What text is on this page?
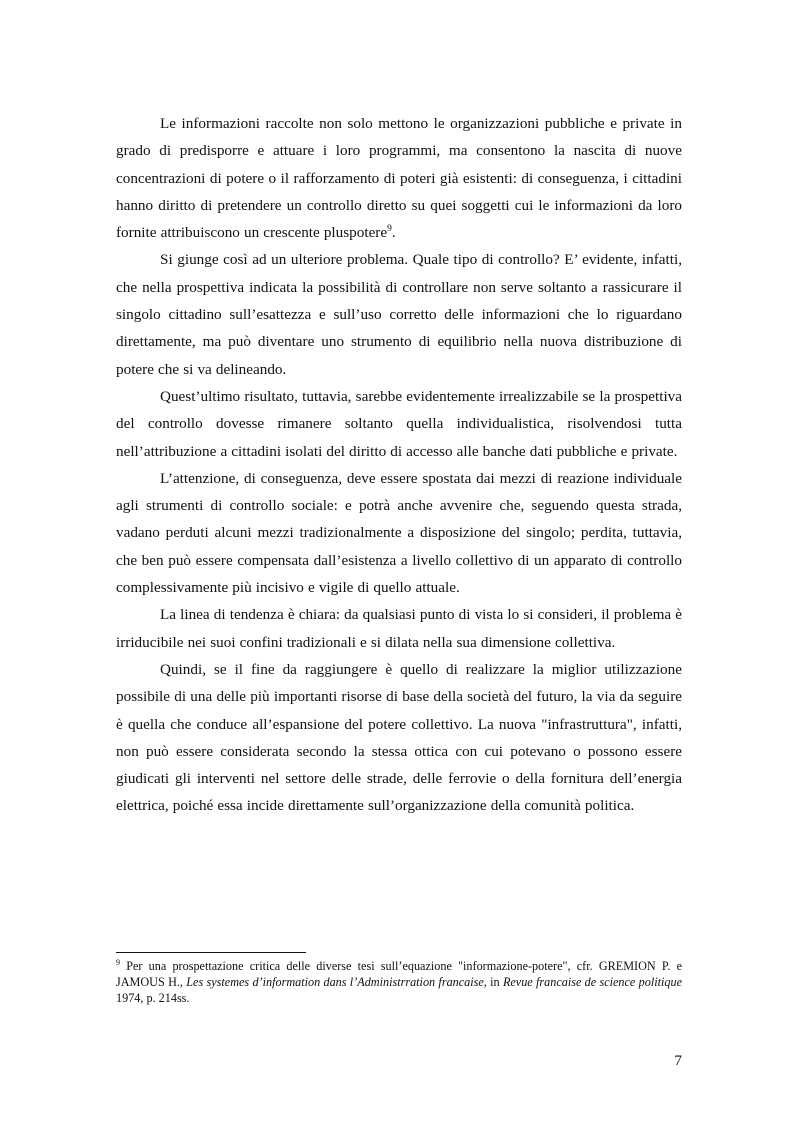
Le informazioni raccolte non solo mettono le organizzazioni pubbliche e private in grado di predisporre e attuare i loro programmi, ma consentono la nascita di nuove concentrazioni di potere o il rafforzamento di poteri già esistenti: di conseguenza, i cittadini hanno diritto di pretendere un controllo diretto su quei soggetti cui le informazioni da loro fornite attribuiscono un crescente pluspotere$^9$.

Si giunge così ad un ulteriore problema. Quale tipo di controllo? E’ evidente, infatti, che nella prospettiva indicata la possibilità di controllare non serve soltanto a rassicurare il singolo cittadino sull’esattezza e sull’uso corretto delle informazioni che lo riguardano direttamente, ma può diventare uno strumento di equilibrio nella nuova distribuzione di potere che si va delineando.

Quest’ultimo risultato, tuttavia, sarebbe evidentemente irrealizzabile se la prospettiva del controllo dovesse rimanere soltanto quella individualistica, risolvendosi tutta nell’attribuzione a cittadini isolati del diritto di accesso alle banche dati pubbliche e private.

L’attenzione, di conseguenza, deve essere spostata dai mezzi di reazione individuale agli strumenti di controllo sociale: e potrà anche avvenire che, seguendo questa strada, vadano perduti alcuni mezzi tradizionalmente a disposizione del singolo; perdita, tuttavia, che ben può essere compensata dall’esistenza a livello collettivo di un apparato di controllo complessivamente più incisivo e vigile di quello attuale.

La linea di tendenza è chiara: da qualsiasi punto di vista lo si consideri, il problema è irriducibile nei suoi confini tradizionali e si dilata nella sua dimensione collettiva.

Quindi, se il fine da raggiungere è quello di realizzare la miglior utilizzazione possibile di una delle più importanti risorse di base della società del futuro, la via da seguire è quella che conduce all’espansione del potere collettivo. La nuova "infrastruttura", infatti, non può essere considerata secondo la stessa ottica con cui potevano o possono essere giudicati gli interventi nel settore delle strade, delle ferrovie o della fornitura dell’energia elettrica, poiché essa incide direttamente sull’organizzazione della comunità politica.

$^9$ Per una prospettazione critica delle diverse tesi sull’equazione "informazione-potere", cfr. GREMION P. e JAMOUS H., Les systemes d’information dans l’Administrration francaise, in Revue francaise de science politique 1974, p. 214ss.

7
